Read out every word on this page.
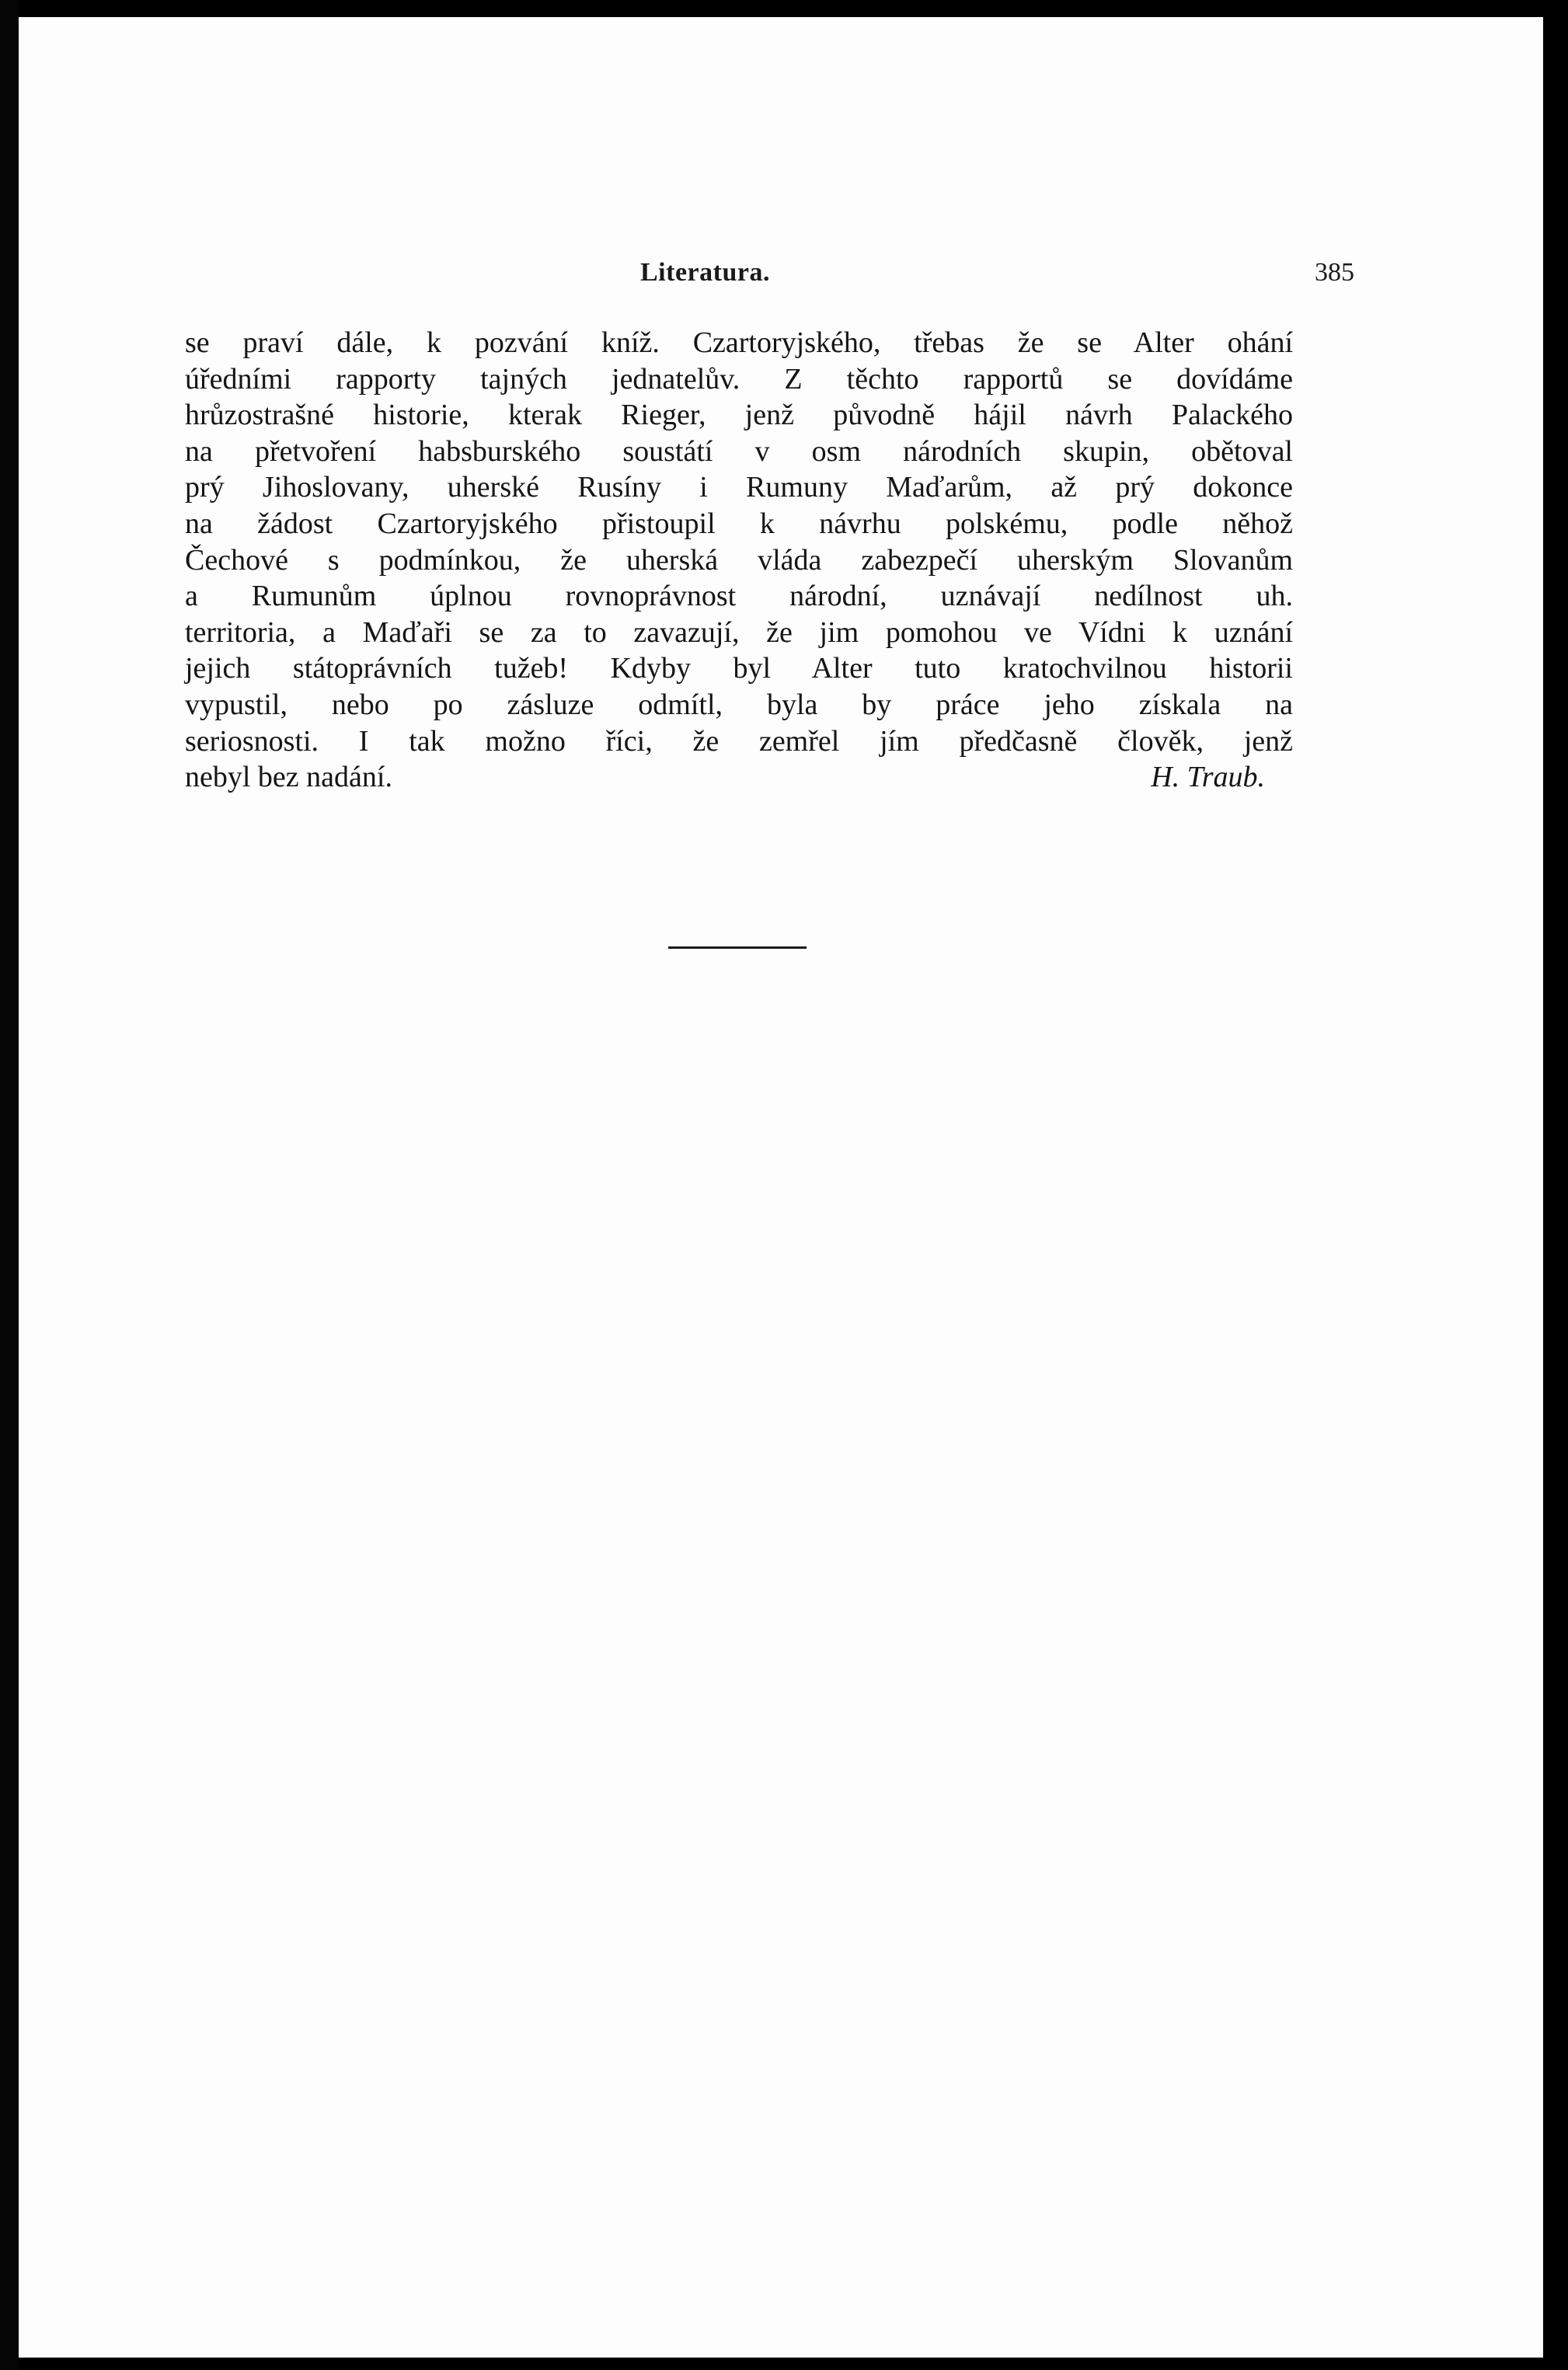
Literatura.	385
se praví dále, k pozvání kníž. Czartoryjského, třebas že se Alter ohání
úředními rapporty tajných jednatelův. Z těchto rapportů se dovídáme
hrůzostrašné historie, kterak Rieger, jenž původně hájil návrh Palackého
na přetvoření habsburského soustátí v osm národních skupin, obětoval
prý Jihoslovany, uherské Rusíny i Rumuny Maďarům, až prý dokonce
na žádost Czartoryjského přistoupil k návrhu polskému, podle něhož
Čechové s podmínkou, že uherská vláda zabezpečí uherským Slovanům
a Rumunům úplnou rovnoprávnost národní, uznávají nedílnost uh.
territoria, a Maďaři se za to zavazují, že jim pomohou ve Vídni k uznání
jejich státoprávních tužeb! Kdyby byl Alter tuto kratochvilnou historii
vypustil, nebo po zásluze odmítl, byla by práce jeho získala na
seriosnosti. I tak možno říci, že zemřel jím předčasně člověk, jenž
nebyl bez nadání.	H. Traub.
